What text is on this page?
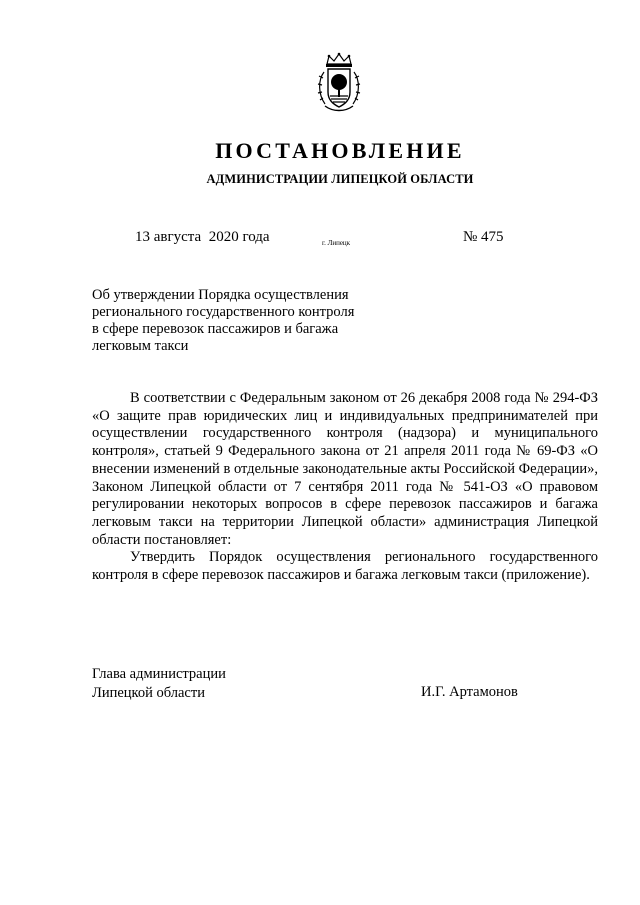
ПОСТАНОВЛЕНИЕ
АДМИНИСТРАЦИИ ЛИПЕЦКОЙ ОБЛАСТИ
13 августа  2020 года	г. Липецк	№ 475
Об утверждении Порядка осуществления
регионального государственного контроля
в сфере перевозок пассажиров и багажа
легковым такси

В соответствии с Федеральным законом от 26 декабря 2008 года № 294-ФЗ «О защите прав юридических лиц и индивидуальных предпринимателей при осуществлении государственного контроля (надзора) и муниципального контроля», статьей 9 Федерального закона от 21 апреля 2011 года № 69-ФЗ «О внесении изменений в отдельные законодательные акты Российской Федерации», Законом Липецкой области от 7 сентября 2011 года № 541-ОЗ «О правовом регулировании некоторых вопросов в сфере перевозок пассажиров и багажа легковым такси на территории Липецкой области» администрация Липецкой области постановляет:

Утвердить Порядок осуществления регионального государственного контроля в сфере перевозок пассажиров и багажа легковым такси (приложение).

Глава администрации
Липецкой области	И.Г. Артамонов
